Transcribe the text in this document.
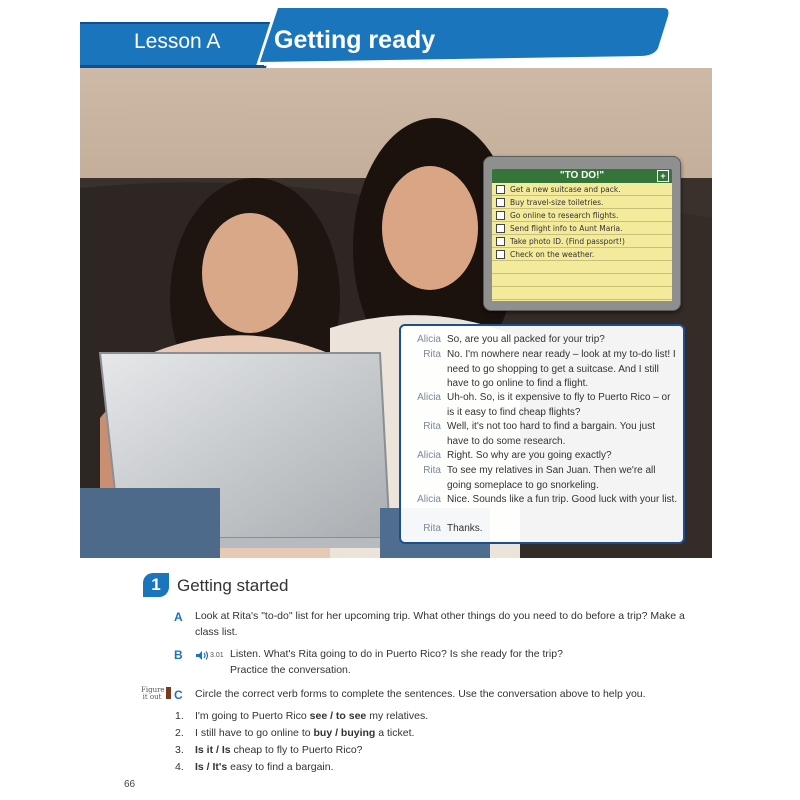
Lesson A Getting ready
"TO DO!"	+
Get a new suitcase and pack.
Buy travel-size toiletries.
Go online to research flights.
Send flight info to Aunt Maria.
Take photo ID. (Find passport!)
Check on the weather.
Alicia So, are you all packed for your trip?
Rita No. I'm nowhere near ready – look at my to-do list! I need to go shopping to get a suitcase. And I still have to go online to find a flight.
Alicia Uh-oh. So, is it expensive to fly to Puerto Rico – or is it easy to find cheap flights?
Rita Well, it's not too hard to find a bargain. You just have to do some research.
Alicia Right. So why are you going exactly?
Rita To see my relatives in San Juan. Then we're all going someplace to go snorkeling.
Alicia Nice. Sounds like a fun trip. Good luck with your list.
Rita Thanks.
1 Getting started
A Look at Rita's "to-do" list for her upcoming trip. What other things do you need to do before a trip? Make a class list.
B	3.01 Listen. What's Rita going to do in Puerto Rico? Is she ready for the trip? Practice the conversation.
Figure it out C Circle the correct verb forms to complete the sentences. Use the conversation above to help you.
1.	I'm going to Puerto Rico see / to see my relatives.
2.	I still have to go online to buy / buying a ticket.
3.	Is it / Is cheap to fly to Puerto Rico?
4.	Is / It's easy to find a bargain.
66
